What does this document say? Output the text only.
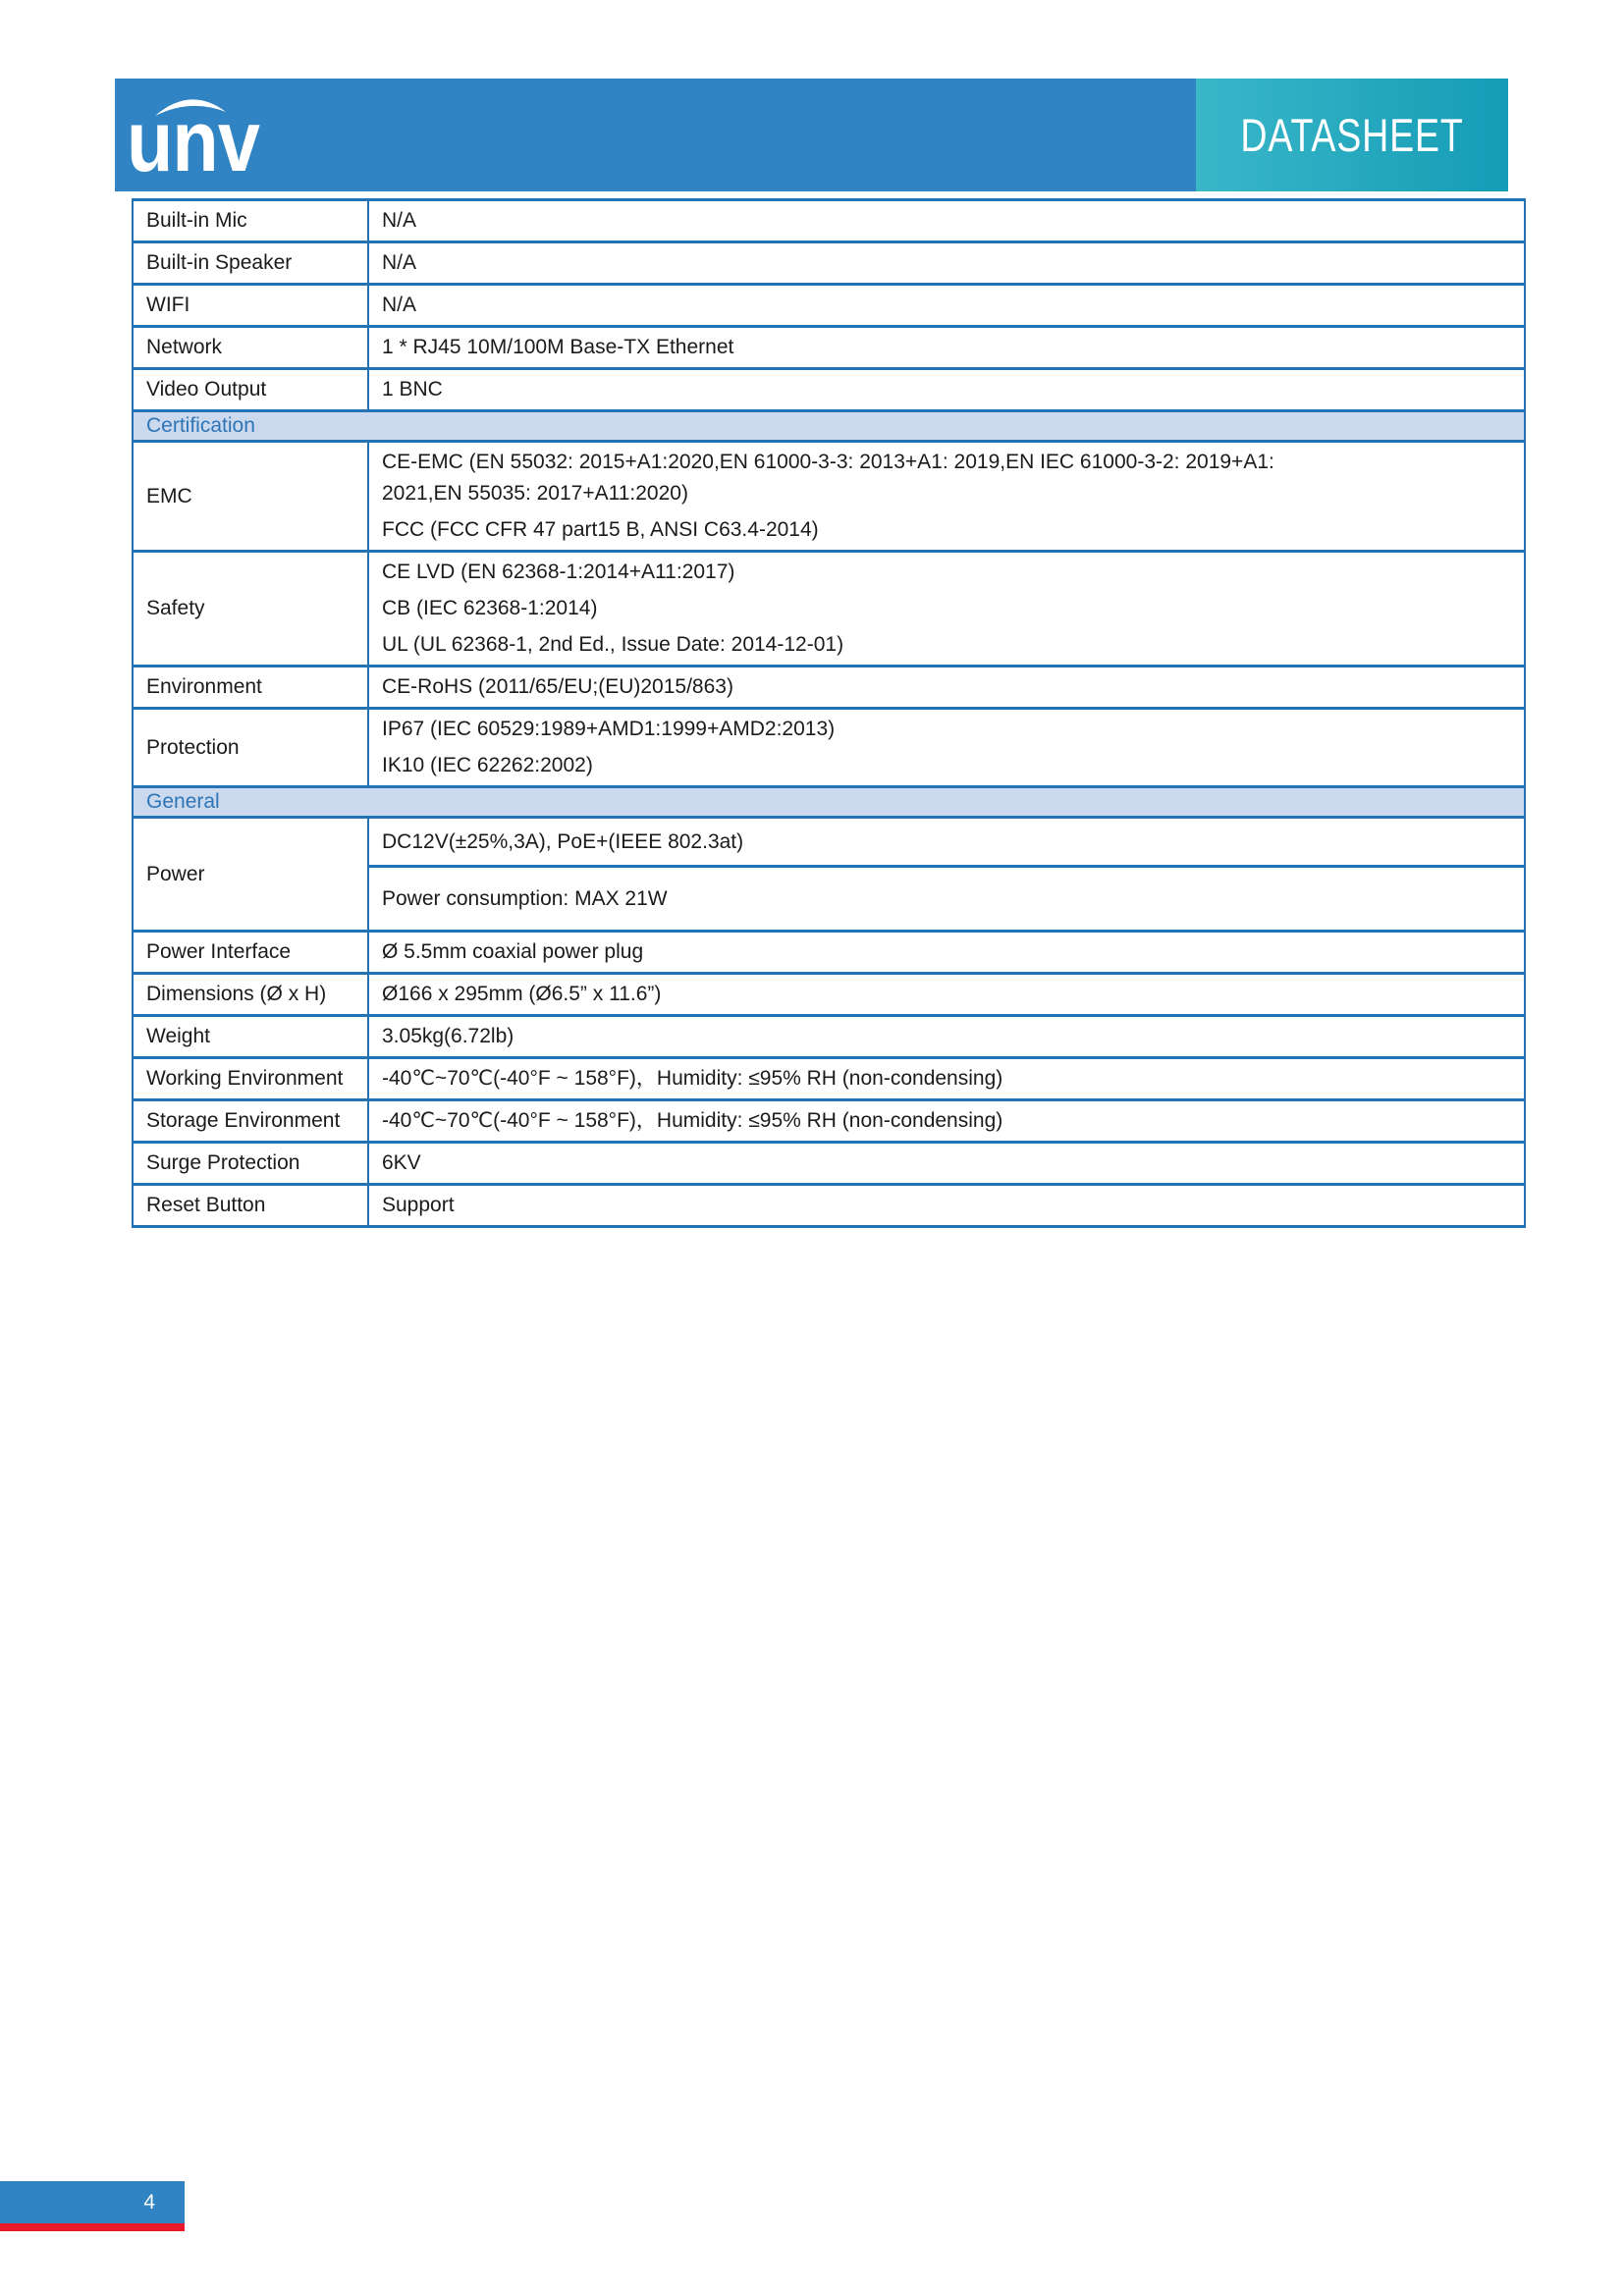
unv	DATASHEET
Built-in Mic	N/A

Built-in Speaker	N/A

WIFI	N/A

Network	1 * RJ45 10M/100M Base-TX Ethernet

Video Output	1 BNC

Certification	
EMC	CE-EMC (EN 55032: 2015+A1:2020,EN 61000-3-3: 2013+A1: 2019,EN IEC 61000-3-2: 2019+A1: 2021,EN 55035: 2017+A11:2020)

FCC (FCC CFR 47 part15 B, ANSI C63.4-2014)

Safety	CE LVD (EN 62368-1:2014+A11:2017)

CB (IEC 62368-1:2014)

UL (UL 62368-1, 2nd Ed., Issue Date: 2014-12-01)

Environment	CE-RoHS (2011/65/EU;(EU)2015/863)

Protection	IP67 (IEC 60529:1989+AMD1:1999+AMD2:2013)

IK10 (IEC 62262:2002)

General	
Power	DC12V(±25%,3A), PoE+(IEEE 802.3at)

	Power consumption: MAX 21W

Power Interface	Ø 5.5mm coaxial power plug

Dimensions (Ø x H)	Ø166 x 295mm (Ø6.5” x 11.6”)

Weight	3.05kg(6.72lb)

Working Environment	-40℃~70℃(-40°F ~ 158°F)，Humidity: ≤95% RH (non-condensing)

Storage Environment	-40℃~70℃(-40°F ~ 158°F)，Humidity: ≤95% RH (non-condensing)

Surge Protection	6KV

Reset Button	Support

4
